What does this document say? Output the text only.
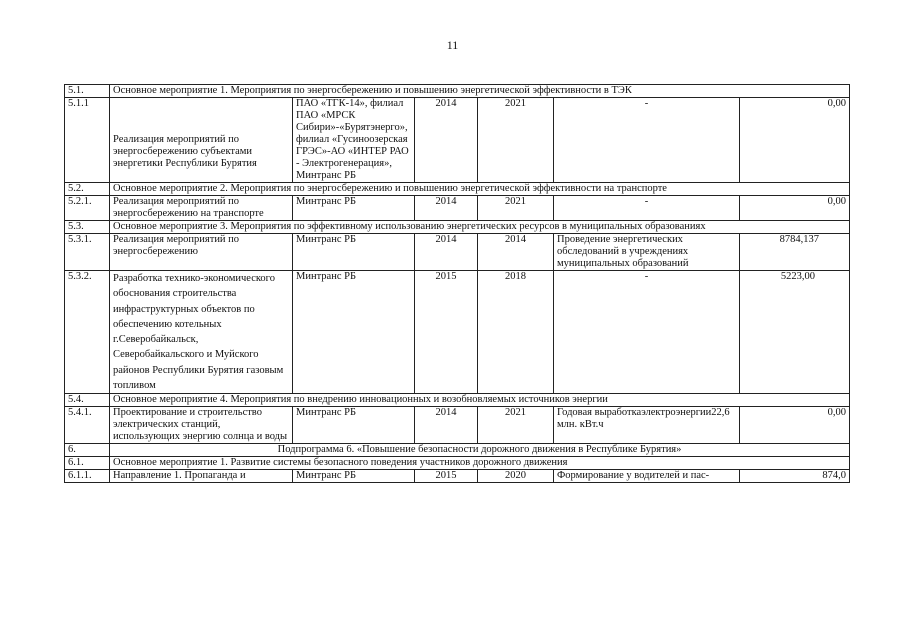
11
5.1.	Основное мероприятие 1. Мероприятия по энергосбережению и повышению энергетической эффективности в ТЭК					
5.1.1	Реализация мероприятий по энергосбережению субъектами энергетики Республики Бурятия	ПАО «ТГК-14», филиал ПАО «МРСК Сибири»-«Бурятэнерго», филиал «Гусиноозерская ГРЭС»-АО «ИНТЕР РАО - Электрогенерация», Минтранс РБ	2014	2021	-	0,00
5.2.	Основное мероприятие 2. Мероприятия по энергосбережению и повышению энергетической эффективности на транспорте					
5.2.1.	Реализация мероприятий по энергосбережению на транспорте	Минтранс РБ	2014	2021	-	0,00
5.3.	Основное мероприятие 3. Мероприятия по эффективному использованию энергетических ресурсов в муниципальных образованиях					
5.3.1.	Реализация мероприятий по энергосбережению	Минтранс РБ	2014	2014	Проведение энергетических обследований в учреждениях муниципальных образований	8784,137
5.3.2.	Разработка технико-экономического обоснования строительства инфраструктурных объектов по обеспечению котельных г.Северобайкальск, Северобайкальского и Муйского районов Республики Бурятия газовым топливом	Минтранс РБ	2015	2018	-	5223,00
5.4.	Основное мероприятие 4. Мероприятия по внедрению инновационных и возобновляемых источников энергии					
5.4.1.	Проектирование и строительство электрических станций, использующих энергию солнца и воды	Минтранс РБ	2014	2021	Годовая выработкаэлектроэнергии22,6 млн. кВт.ч	0,00
6.	Подпрограмма 6. «Повышение безопасности дорожного движения в Республике Бурятия»					
6.1.	Основное мероприятие 1. Развитие системы безопасного поведения участников дорожного движения					
6.1.1.	Направление 1. Пропаганда и	Минтранс РБ	2015	2020	Формирование у водителей и пас-	874,0
